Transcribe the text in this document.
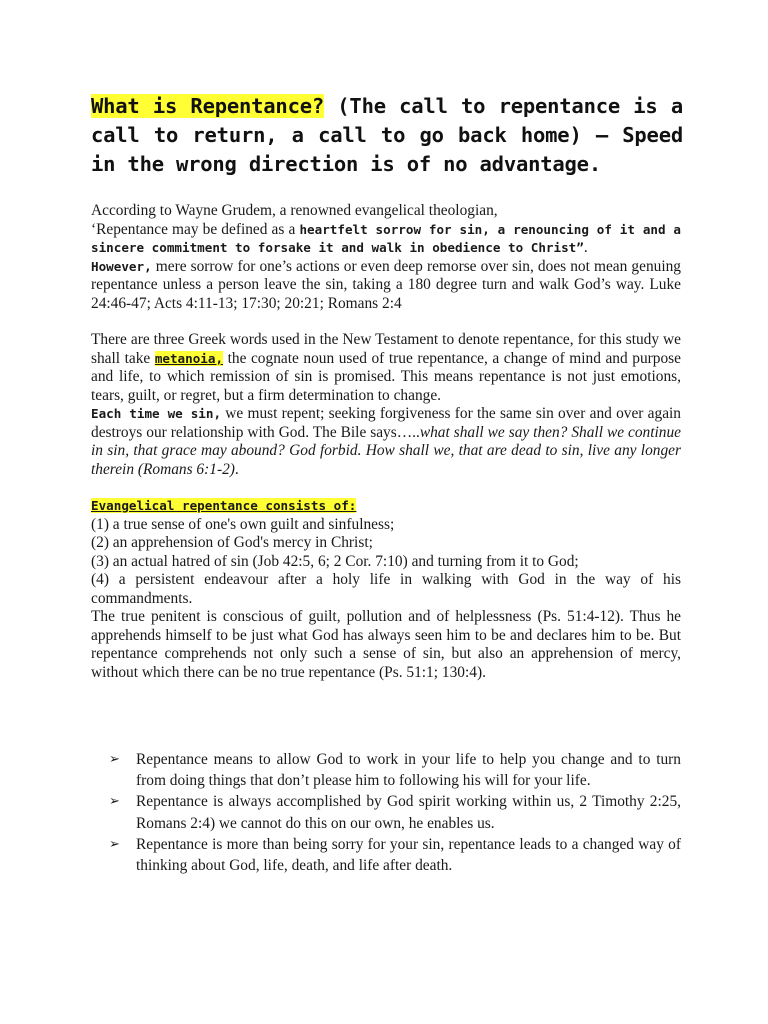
What is Repentance? (The call to repentance is a call to return, a call to go back home) – Speed in the wrong direction is of no advantage.

According to Wayne Grudem, a renowned evangelical theologian,
‘Repentance may be defined as a heartfelt sorrow for sin, a renouncing of it and a sincere commitment to forsake it and walk in obedience to Christ”.
However, mere sorrow for one’s actions or even deep remorse over sin, does not mean genuing repentance unless a person leave the sin, taking a 180 degree turn and walk God’s way. Luke 24:46-47; Acts 4:11-13; 17:30; 20:21; Romans 2:4

There are three Greek words used in the New Testament to denote repentance, for this study we shall take metanoia, the cognate noun used of true repentance, a change of mind and purpose and life, to which remission of sin is promised. This means repentance is not just emotions, tears, guilt, or regret, but a firm determination to change.

Each time we sin, we must repent; seeking forgiveness for the same sin over and over again destroys our relationship with God. The Bile says…..what shall we say then? Shall we continue in sin, that grace may abound? God forbid. How shall we, that are dead to sin, live any longer therein (Romans 6:1-2).

Evangelical repentance consists of:

(1) a true sense of one's own guilt and sinfulness;

(2) an apprehension of God's mercy in Christ;

(3) an actual hatred of sin (Job 42:5, 6; 2 Cor. 7:10) and turning from it to God;

(4) a persistent endeavour after a holy life in walking with God in the way of his commandments.

The true penitent is conscious of guilt, pollution and of helplessness (Ps. 51:4-12). Thus he apprehends himself to be just what God has always seen him to be and declares him to be. But repentance comprehends not only such a sense of sin, but also an apprehension of mercy, without which there can be no true repentance (Ps. 51:1; 130:4).

➢ Repentance means to allow God to work in your life to help you change and to turn from doing things that don’t please him to following his will for your life.
➢ Repentance is always accomplished by God spirit working within us, 2 Timothy 2:25, Romans 2:4) we cannot do this on our own, he enables us.
➢ Repentance is more than being sorry for your sin, repentance leads to a changed way of thinking about God, life, death, and life after death.
